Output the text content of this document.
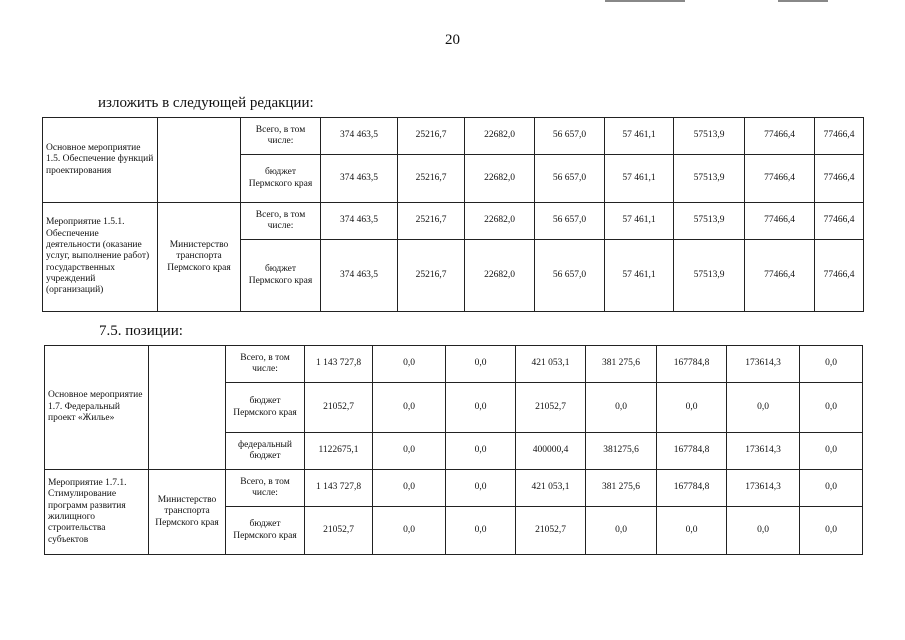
20
изложить в следующей редакции:
Основное мероприятие 1.5. Обеспечение функций проектирования		Всего, в том числе:	374 463,5	25216,7	22682,0	56 657,0	57 461,1	57513,9	77466,4	77466,4
		бюджет Пермского края	374 463,5	25216,7	22682,0	56 657,0	57 461,1	57513,9	77466,4	77466,4
Мероприятие 1.5.1. Обеспечение деятельности (оказание услуг, выполнение работ) государственных учреждений (организаций)	Министерство транспорта Пермского края	Всего, в том числе:	374 463,5	25216,7	22682,0	56 657,0	57 461,1	57513,9	77466,4	77466,4
		бюджет Пермского края	374 463,5	25216,7	22682,0	56 657,0	57 461,1	57513,9	77466,4	77466,4
7.5. позиции:
Основное мероприятие 1.7. Федеральный проект «Жилье»		Всего, в том числе:	1 143 727,8	0,0	0,0	421 053,1	381 275,6	167784,8	173614,3	0,0
		бюджет Пермского края	21052,7	0,0	0,0	21052,7	0,0	0,0	0,0	0,0
		федеральный бюджет	1122675,1	0,0	0,0	400000,4	381275,6	167784,8	173614,3	0,0
Мероприятие 1.7.1. Стимулирование программ развития жилищного строительства субъектов	Министерство транспорта Пермского края	Всего, в том числе:	1 143 727,8	0,0	0,0	421 053,1	381 275,6	167784,8	173614,3	0,0
		бюджет Пермского края	21052,7	0,0	0,0	21052,7	0,0	0,0	0,0	0,0
